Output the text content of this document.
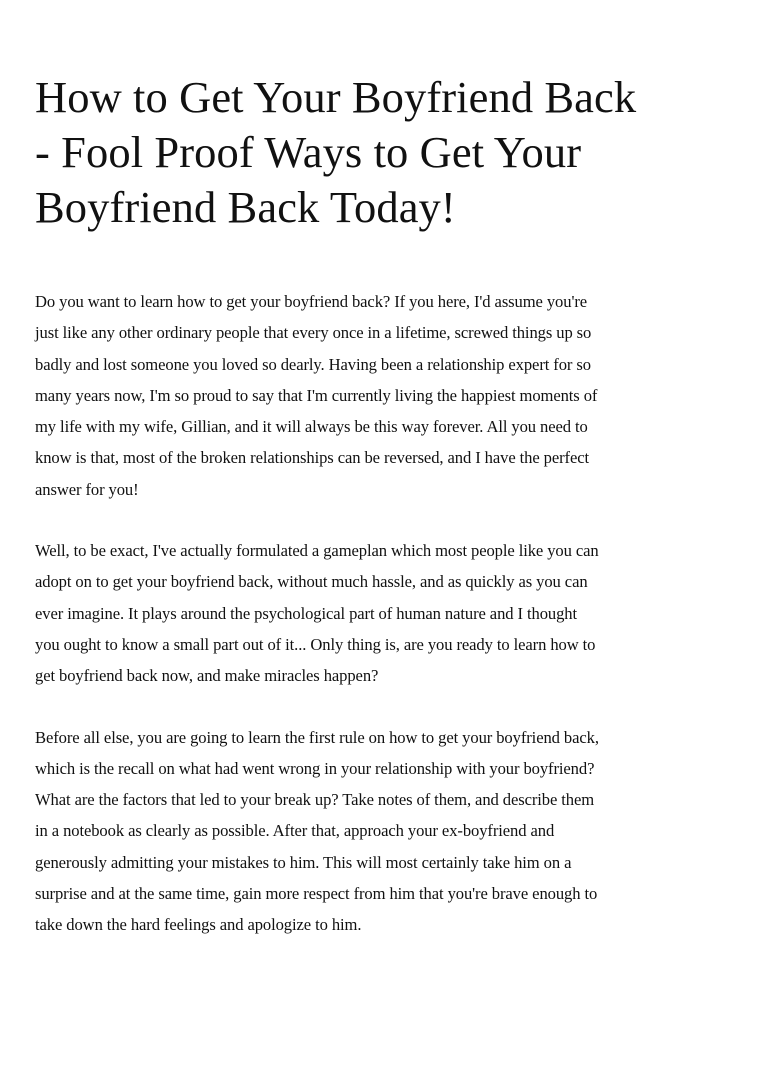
How to Get Your Boyfriend Back
- Fool Proof Ways to Get Your
Boyfriend Back Today!

Do you want to learn how to get your boyfriend back? If you here, I'd assume you're
just like any other ordinary people that every once in a lifetime, screwed things up so
badly and lost someone you loved so dearly. Having been a relationship expert for so
many years now, I'm so proud to say that I'm currently living the happiest moments of
my life with my wife, Gillian, and it will always be this way forever. All you need to
know is that, most of the broken relationships can be reversed, and I have the perfect
answer for you!

Well, to be exact, I've actually formulated a gameplan which most people like you can
adopt on to get your boyfriend back, without much hassle, and as quickly as you can
ever imagine. It plays around the psychological part of human nature and I thought
you ought to know a small part out of it... Only thing is, are you ready to learn how to
get boyfriend back now, and make miracles happen?

Before all else, you are going to learn the first rule on how to get your boyfriend back,
which is the recall on what had went wrong in your relationship with your boyfriend?
What are the factors that led to your break up? Take notes of them, and describe them
in a notebook as clearly as possible. After that, approach your ex-boyfriend and
generously admitting your mistakes to him. This will most certainly take him on a
surprise and at the same time, gain more respect from him that you're brave enough to
take down the hard feelings and apologize to him.
